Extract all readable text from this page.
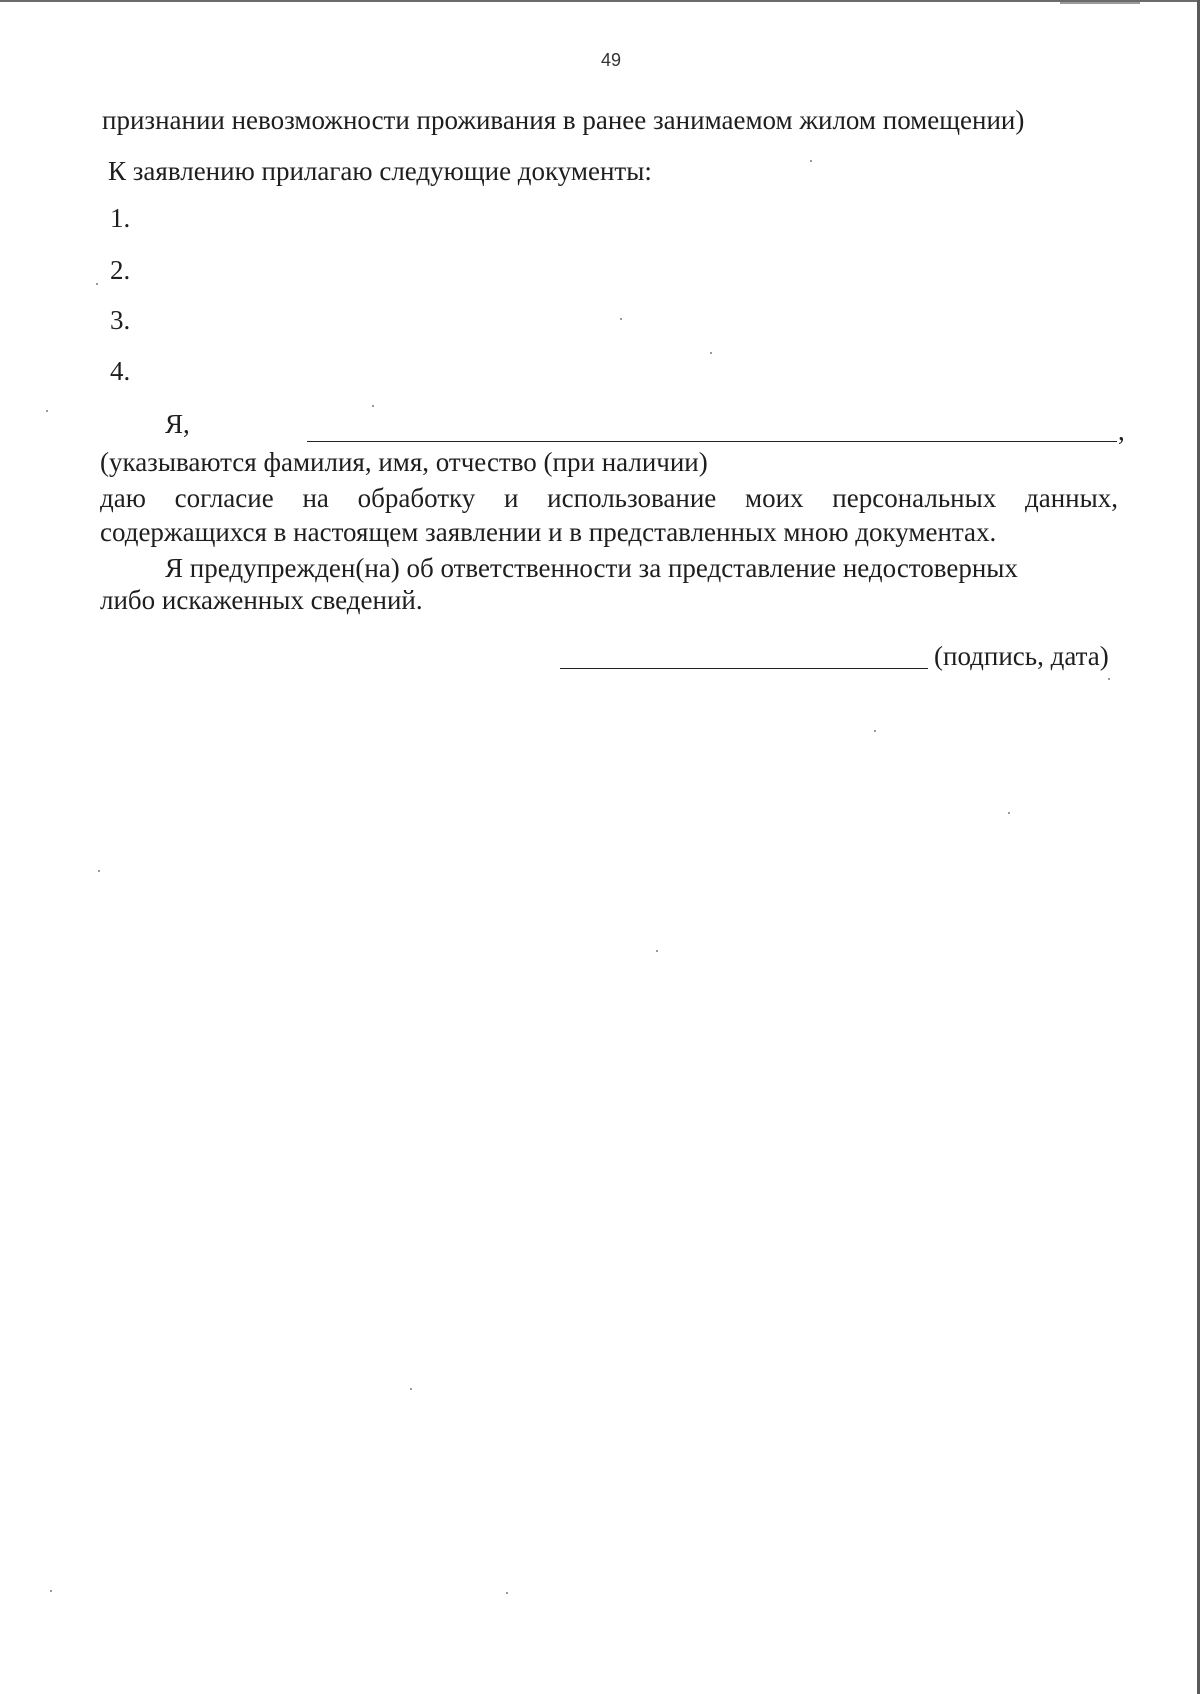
49
признании невозможности проживания в ранее занимаемом жилом помещении)
К заявлению прилагаю следующие документы:
1.
2.
3.
4.
Я,	,
(указываются фамилия, имя, отчество (при наличии)
даю согласие на обработку и использование моих персональных данных,
содержащихся в настоящем заявлении и в представленных мною документах.
Я предупрежден(на) об ответственности за представление недостоверных
либо искаженных сведений.
(подпись, дата)
